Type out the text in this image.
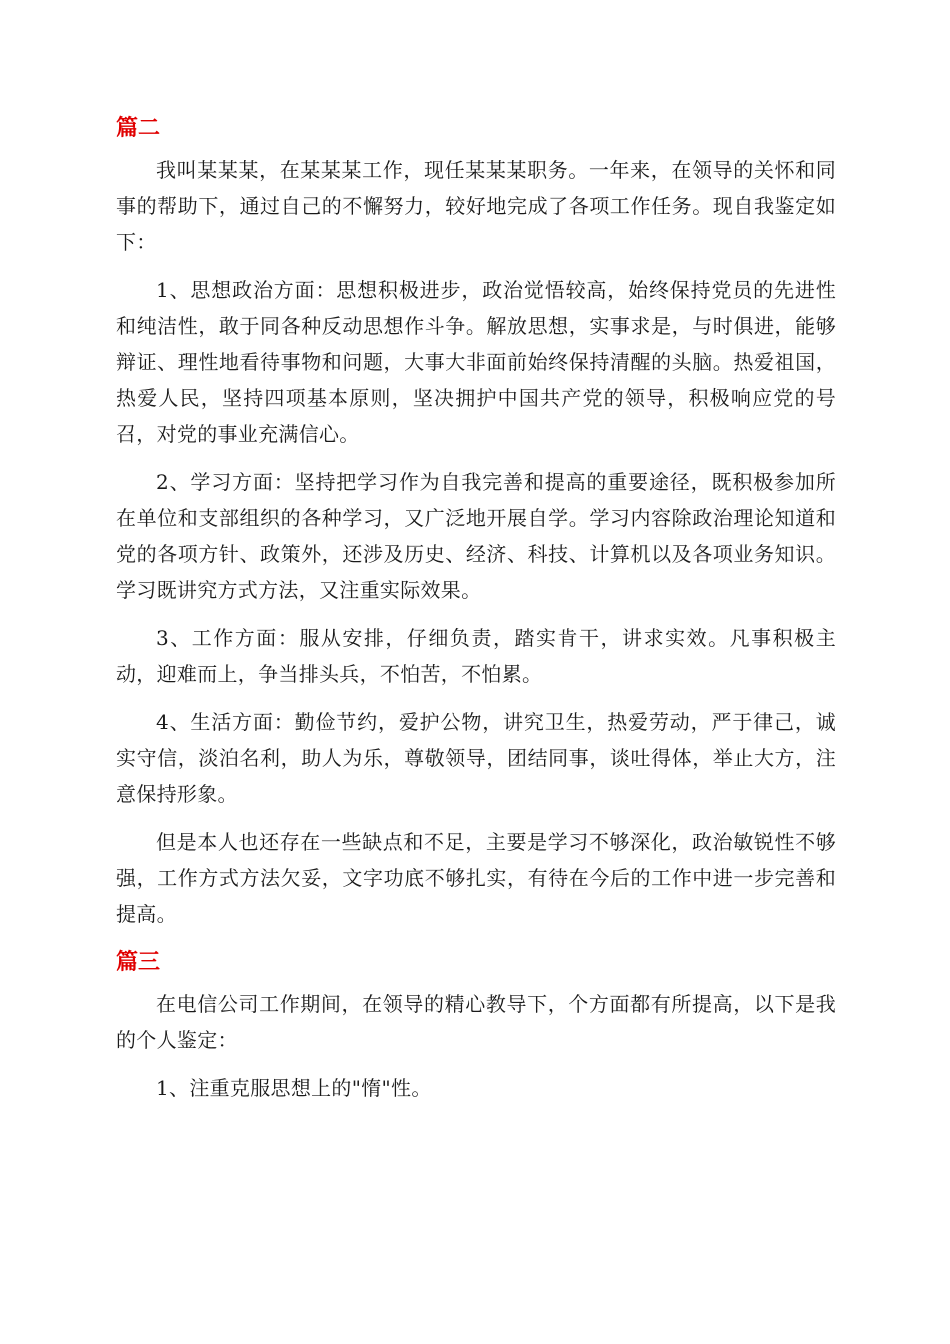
篇二

我叫某某某，在某某某工作，现任某某某职务。一年来，在领导的关怀和同事的帮助下，通过自己的不懈努力，较好地完成了各项工作任务。现自我鉴定如下：

1、思想政治方面：思想积极进步，政治觉悟较高，始终保持党员的先进性和纯洁性，敢于同各种反动思想作斗争。解放思想，实事求是，与时俱进，能够辩证、理性地看待事物和问题，大事大非面前始终保持清醒的头脑。热爱祖国，热爱人民，坚持四项基本原则，坚决拥护中国共产党的领导，积极响应党的号召，对党的事业充满信心。

2、学习方面：坚持把学习作为自我完善和提高的重要途径，既积极参加所在单位和支部组织的各种学习，又广泛地开展自学。学习内容除政治理论知道和党的各项方针、政策外，还涉及历史、经济、科技、计算机以及各项业务知识。学习既讲究方式方法，又注重实际效果。

3、工作方面：服从安排，仔细负责，踏实肯干，讲求实效。凡事积极主动，迎难而上，争当排头兵，不怕苦，不怕累。

4、生活方面：勤俭节约，爱护公物，讲究卫生，热爱劳动，严于律己，诚实守信，淡泊名利，助人为乐，尊敬领导，团结同事，谈吐得体，举止大方，注意保持形象。

但是本人也还存在一些缺点和不足，主要是学习不够深化，政治敏锐性不够强，工作方式方法欠妥，文字功底不够扎实，有待在今后的工作中进一步完善和提高。

篇三

在电信公司工作期间，在领导的精心教导下，个方面都有所提高，以下是我的个人鉴定：

1、注重克服思想上的"惰"性。
